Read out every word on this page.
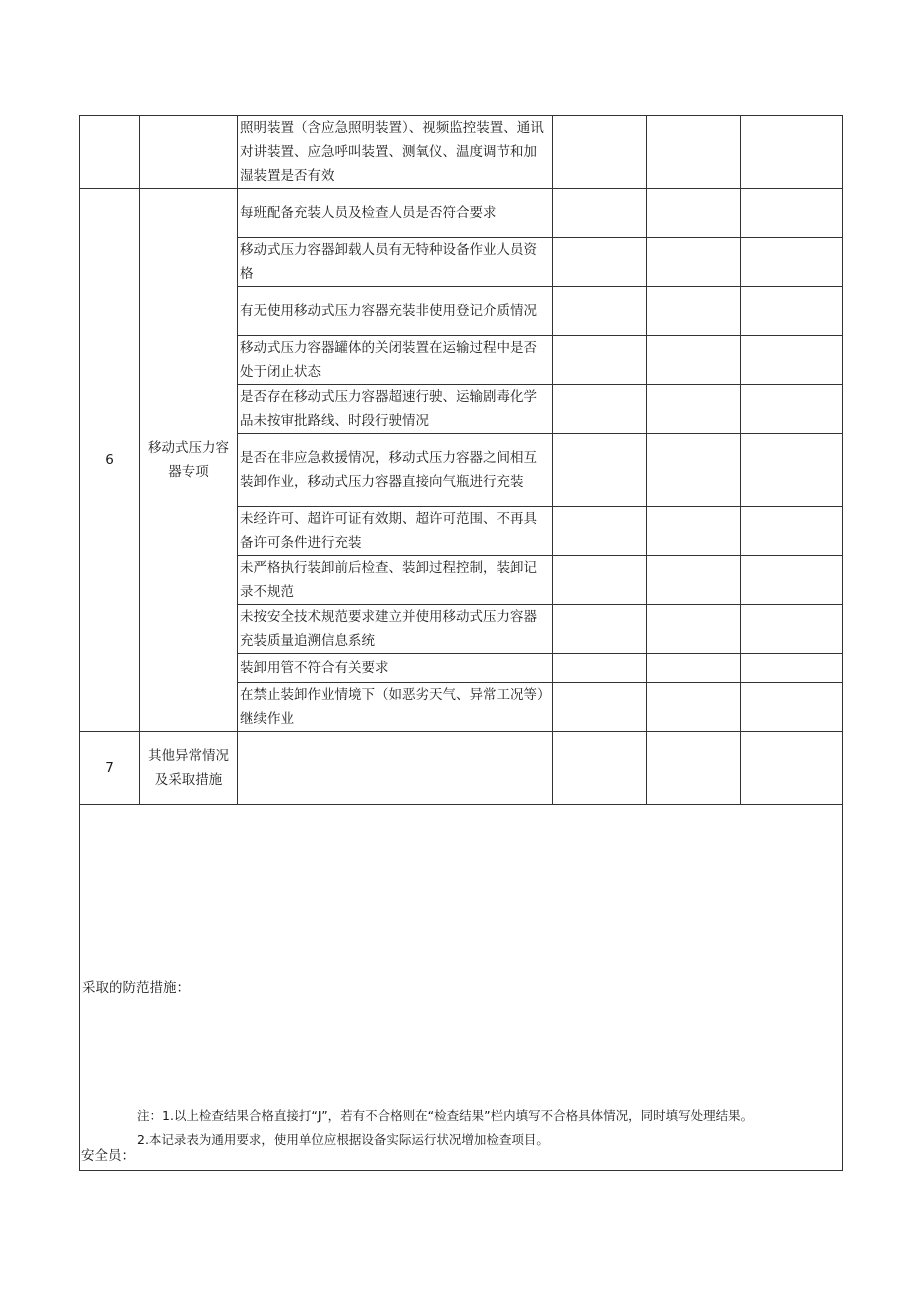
		照明装置（含应急照明装置）、视频监控装置、通讯对讲装置、应急呼叫装置、测氧仪、温度调节和加湿装置是否有效			
6	移动式压力容器专项	每班配备充装人员及检查人员是否符合要求			
		移动式压力容器卸载人员有无特种设备作业人员资格			
		有无使用移动式压力容器充装非使用登记介质情况			
		移动式压力容器罐体的关闭装置在运输过程中是否处于闭止状态			
		是否存在移动式压力容器超速行驶、运输剧毒化学品未按审批路线、时段行驶情况			
		是否在非应急救援情况，移动式压力容器之间相互装卸作业，移动式压力容器直接向气瓶进行充装			
		未经许可、超许可证有效期、超许可范围、不再具备许可条件进行充装			
		未严格执行装卸前后检查、装卸过程控制，装卸记录不规范			
		未按安全技术规范要求建立并使用移动式压力容器充装质量追溯信息系统			
		装卸用管不符合有关要求			
		在禁止装卸作业情境下（如恶劣天气、异常工况等）继续作业			
7	其他异常情况及采取措施				
采取的防范措施：
安全员：					

注：1.以上检查结果合格直接打“J”，若有不合格则在“检查结果”栏内填写不合格具体情况，同时填写处理结果。

2.本记录表为通用要求，使用单位应根据设备实际运行状况增加检查项目。
